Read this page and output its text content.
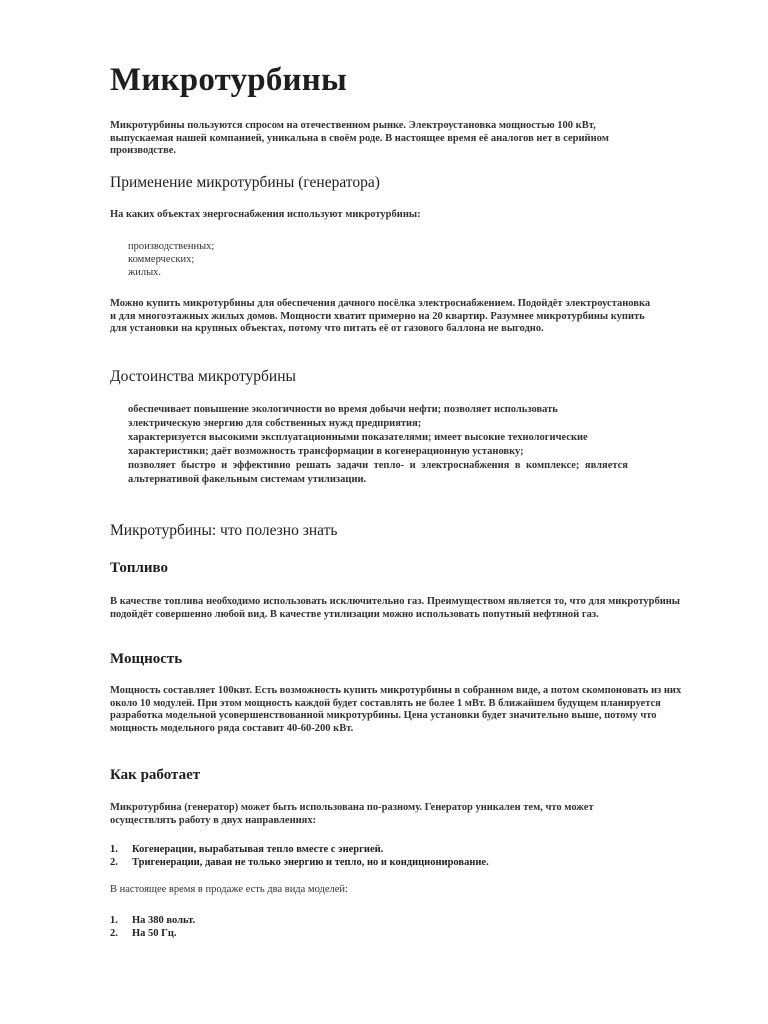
Микротурбины

Микротурбины пользуются спросом на отечественном рынке. Электроустановка мощностью 100 кВт, выпускаемая нашей компанией, уникальна в своём роде. В настоящее время её аналогов нет в серийном производстве.

Применение микротурбины (генератора)

На каких объектах энергоснабжения используют микротурбины:

производственных;
коммерческих;
жилых.

Можно купить микротурбины для обеспечения дачного посёлка электроснабжением. Подойдёт электроустановка и для многоэтажных жилых домов. Мощности хватит примерно на 20 квартир. Разумнее микротурбины купить для установки на крупных объектах, потому что питать её от газового баллона не выгодно.

Достоинства микротурбины
обеспечивает повышение экологичности во время добычи нефти; позволяет использовать электрическую энергию для собственных нужд предприятия;
характеризуется высокими эксплуатационными показателями; имеет высокие технологические характеристики; даёт возможность трансформации в когенерационную установку;
позволяет быстро и эффективно решать задачи тепло- и электроснабжения в комплексе; является альтернативой факельным системам утилизации.
Микротурбины: что полезно знать
Топливо

В качестве топлива необходимо использовать исключительно газ. Преимуществом является то, что для микротурбины подойдёт совершенно любой вид. В качестве утилизации можно использовать попутный нефтяной газ.

Мощность

Мощность составляет 100квт. Есть возможность купить микротурбины в собранном виде, а потом скомпоновать из них около 10 модулей. При этом мощность каждой будет составлять не более 1 мВт. В ближайшем будущем планируется разработка модельной усовершенствованной микротурбины. Цена установки будет значительно выше, потому что мощность модельного ряда составит 40-60-200 кВт.

Как работает

Микротурбина (генератор) может быть использована по-разному. Генератор уникален тем, что может осуществлять работу в двух направлениях:

1. Когенерации, вырабатывая тепло вместе с энергией.
2. Тригенерации, давая не только энергию и тепло, но и кондиционирование.

В настоящее время в продаже есть два вида моделей:

1. На 380 вольт.
2. На 50 Гц.
